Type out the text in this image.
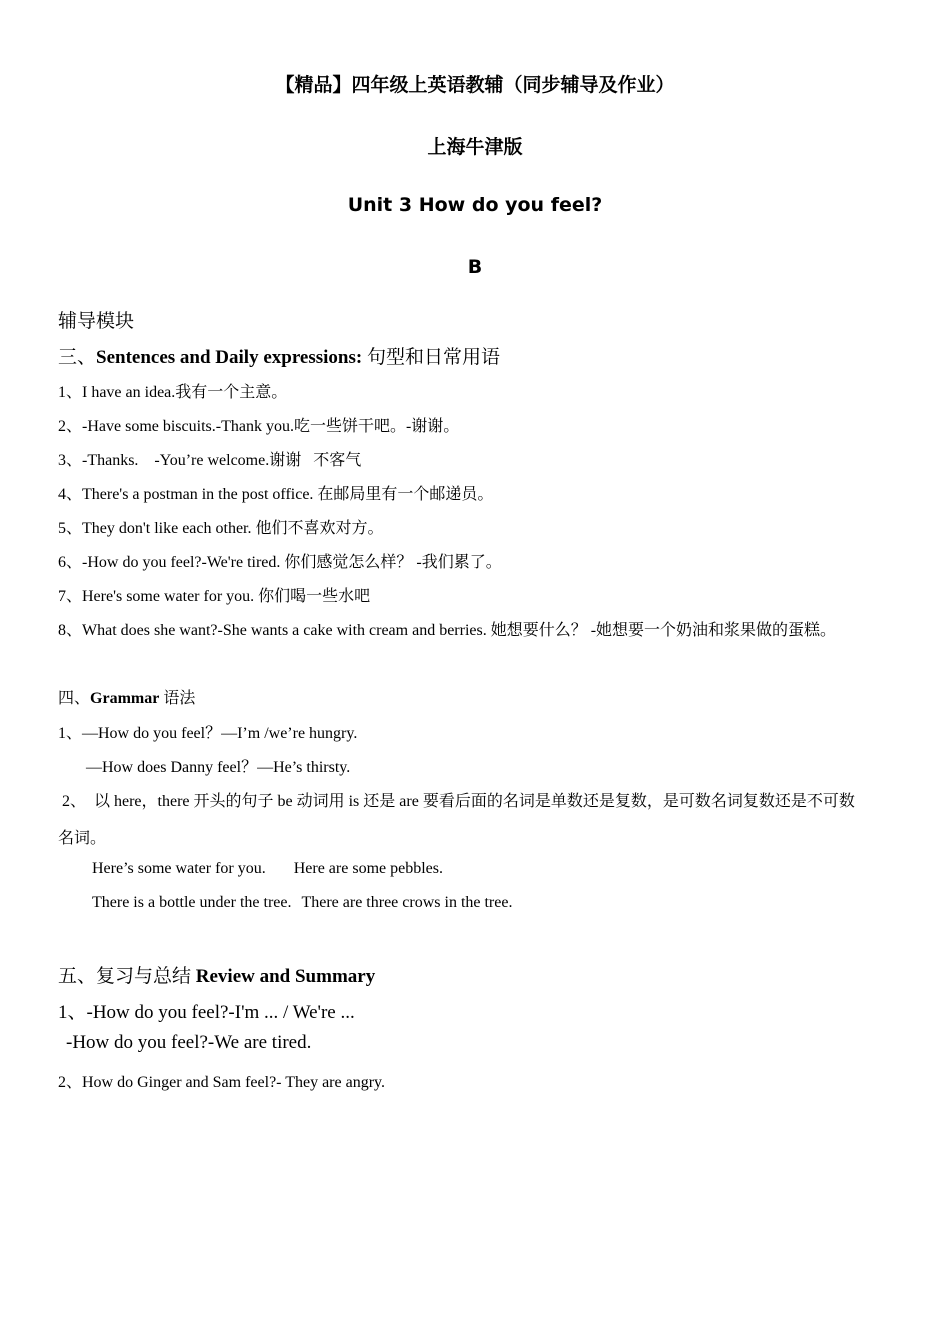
【精品】四年级上英语教辅（同步辅导及作业）
上海牛津版
Unit 3 How do you feel?
B
辅导模块
三、Sentences and Daily expressions: 句型和日常用语
1、I have an idea.我有一个主意。
2、-Have some biscuits.-Thank you.吃一些饼干吧。-谢谢。
3、-Thanks.    -You’re welcome.谢谢   不客气
4、There's a postman in the post office. 在邮局里有一个邮递员。
5、They don't like each other. 他们不喜欢对方。
6、-How do you feel?-We're tired. 你们感觉怎么样？ -我们累了。
7、Here's some water for you. 你们喝一些水吧
8、What does she want?-She wants a cake with cream and berries. 她想要什么？ -她想要一个奶油和浆果做的蛋糕。
四、Grammar 语法
1、—How do you feel？—I’m /we’re hungry.
—How does Danny feel？—He’s thirsty.
2、  以 here，there 开头的句子 be 动词用 is 还是 are 要看后面的名词是单数还是复数，是可数名词复数还是不可数
名词。
Here’s some water for you. Here are some pebbles.
There is a bottle under the tree. There are three crows in the tree.
五、复习与总结 Review and Summary
1、-How do you feel?-I'm ... / We're ...
-How do you feel?-We are tired.
2、How do Ginger and Sam feel?- They are angry.
